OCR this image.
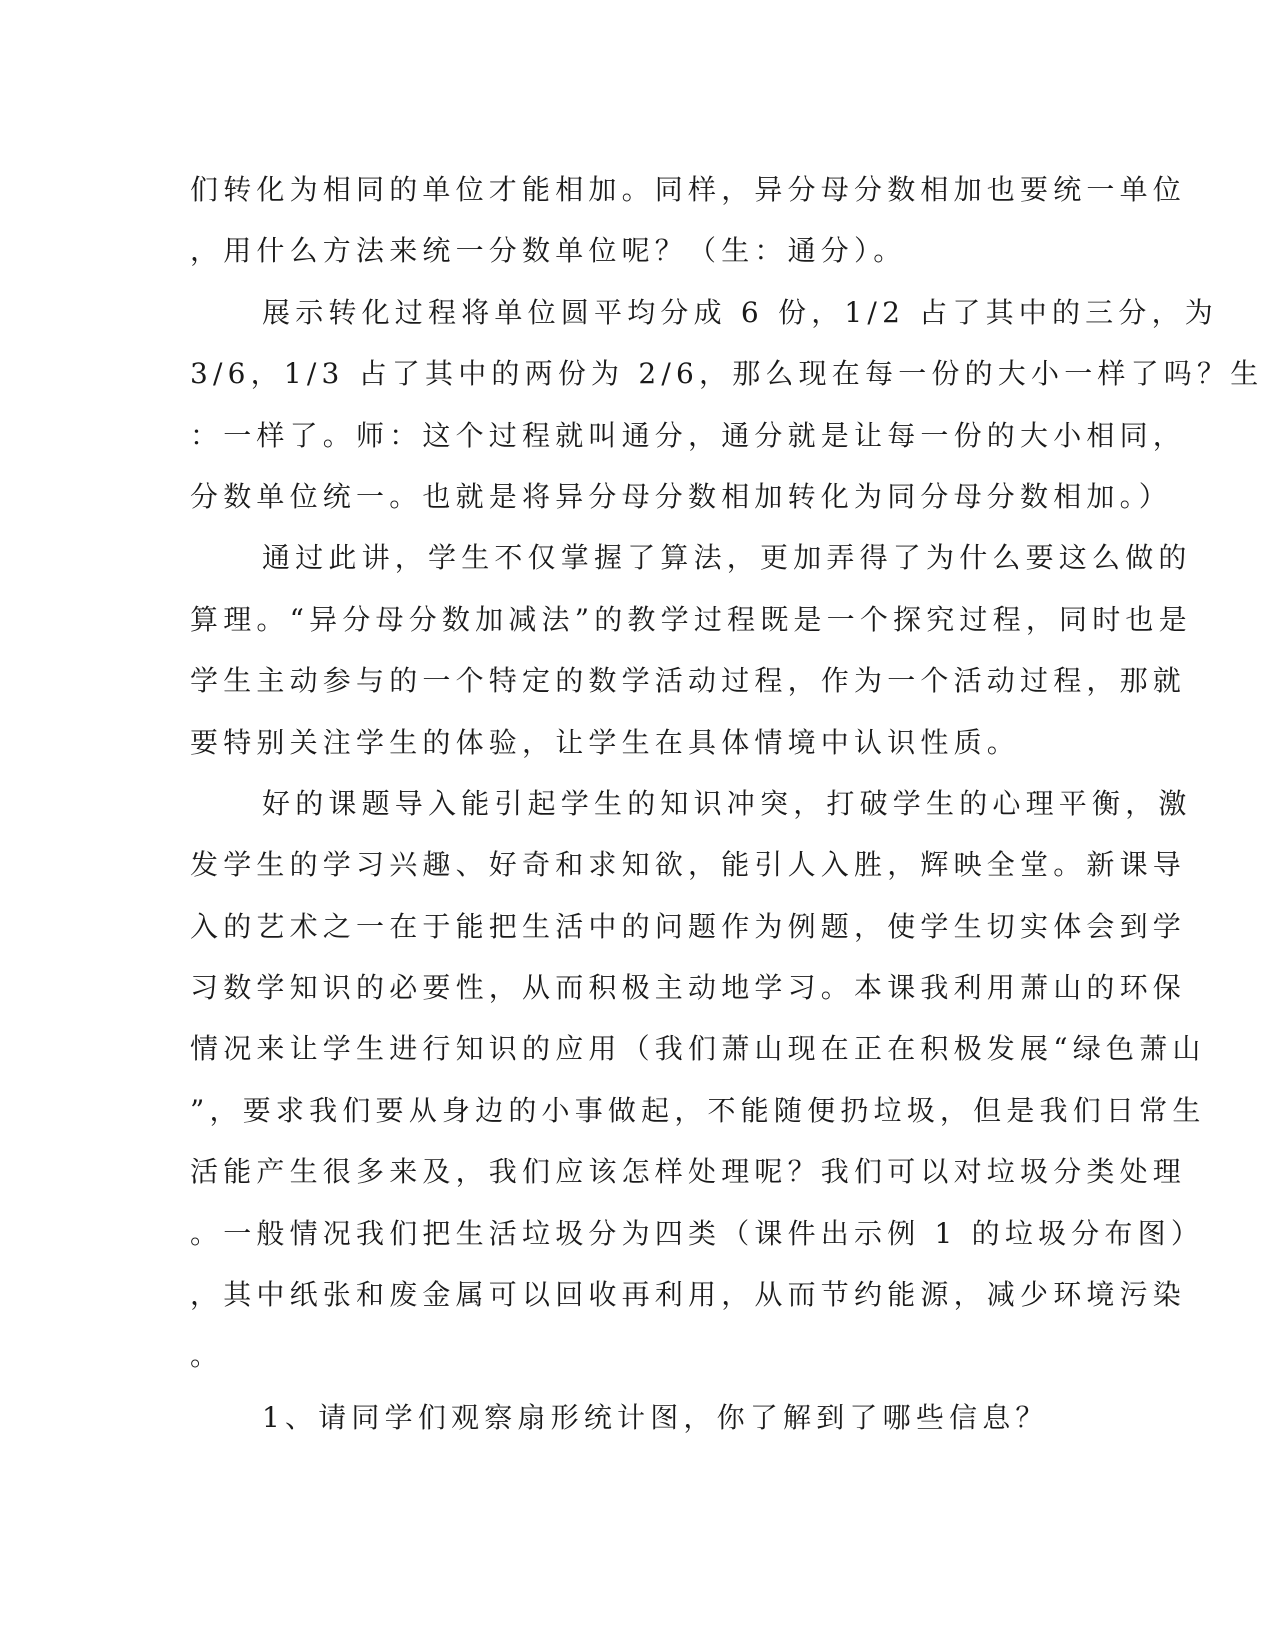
们转化为相同的单位才能相加。同样，异分母分数相加也要统一单位
，用什么方法来统一分数单位呢？（生：通分）。
展示转化过程将单位圆平均分成 6 份，1/2 占了其中的三分，为
3/6，1/3 占了其中的两份为 2/6，那么现在每一份的大小一样了吗？生
：一样了。师：这个过程就叫通分，通分就是让每一份的大小相同，
分数单位统一。也就是将异分母分数相加转化为同分母分数相加。）
通过此讲，学生不仅掌握了算法，更加弄得了为什么要这么做的
算理。“异分母分数加减法”的教学过程既是一个探究过程，同时也是
学生主动参与的一个特定的数学活动过程，作为一个活动过程，那就
要特别关注学生的体验，让学生在具体情境中认识性质。
好的课题导入能引起学生的知识冲突，打破学生的心理平衡，激
发学生的学习兴趣、好奇和求知欲，能引人入胜，辉映全堂。新课导
入的艺术之一在于能把生活中的问题作为例题，使学生切实体会到学
习数学知识的必要性，从而积极主动地学习。本课我利用萧山的环保
情况来让学生进行知识的应用（我们萧山现在正在积极发展“绿色萧山
”，要求我们要从身边的小事做起，不能随便扔垃圾，但是我们日常生
活能产生很多来及，我们应该怎样处理呢？我们可以对垃圾分类处理
。一般情况我们把生活垃圾分为四类（课件出示例 1 的垃圾分布图）
，其中纸张和废金属可以回收再利用，从而节约能源，减少环境污染
。
1、请同学们观察扇形统计图，你了解到了哪些信息？
